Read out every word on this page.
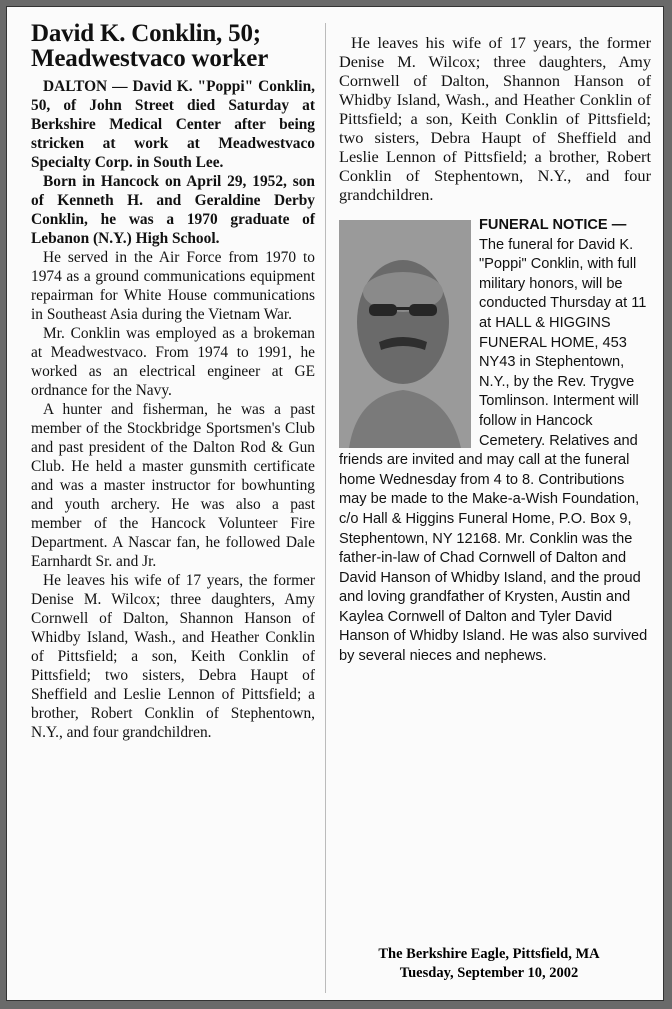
David K. Conklin, 50; Meadwestvaco worker

DALTON — David K. "Poppi" Conklin, 50, of John Street died Saturday at Berkshire Medical Center after being stricken at work at Meadwestvaco Specialty Corp. in South Lee.

Born in Hancock on April 29, 1952, son of Kenneth H. and Geraldine Derby Conklin, he was a 1970 graduate of Lebanon (N.Y.) High School.

He served in the Air Force from 1970 to 1974 as a ground communications equipment repairman for White House communications in Southeast Asia during the Vietnam War.

Mr. Conklin was employed as a brokeman at Meadwestvaco. From 1974 to 1991, he worked as an electrical engineer at GE ordnance for the Navy.

A hunter and fisherman, he was a past member of the Stockbridge Sportsmen's Club and past president of the Dalton Rod & Gun Club. He held a master gunsmith certificate and was a master instructor for bowhunting and youth archery. He was also a past member of the Hancock Volunteer Fire Department. A Nascar fan, he followed Dale Earnhardt Sr. and Jr.

He leaves his wife of 17 years, the former Denise M. Wilcox; three daughters, Amy Cornwell of Dalton, Shannon Hanson of Whidby Island, Wash., and Heather Conklin of Pittsfield; a son, Keith Conklin of Pittsfield; two sisters, Debra Haupt of Sheffield and Leslie Lennon of Pittsfield; a brother, Robert Conklin of Stephentown, N.Y., and four grandchildren.

He leaves his wife of 17 years, the former Denise M. Wilcox; three daughters, Amy Cornwell of Dalton, Shannon Hanson of Whidby Island, Wash., and Heather Conklin of Pittsfield; a son, Keith Conklin of Pittsfield; two sisters, Debra Haupt of Sheffield and Leslie Lennon of Pittsfield; a brother, Robert Conklin of Stephentown, N.Y., and four grandchildren.

FUNERAL NOTICE — The funeral for David K. "Poppi" Conklin, with full military honors, will be conducted Thursday at 11 at HALL & HIGGINS FUNERAL HOME, 453 NY43 in Stephentown, N.Y., by the Rev. Trygve Tomlinson. Interment will follow in Hancock Cemetery. Relatives and friends are invited and may call at the funeral home Wednesday from 4 to 8. Contributions may be made to the Make-a-Wish Foundation, c/o Hall & Higgins Funeral Home, P.O. Box 9, Stephentown, NY 12168. Mr. Conklin was the father-in-law of Chad Cornwell of Dalton and David Hanson of Whidby Island, and the proud and loving grandfather of Krysten, Austin and Kaylea Cornwell of Dalton and Tyler David Hanson of Whidby Island. He was also survived by several nieces and nephews.
The Berkshire Eagle, Pittsfield, MA
Tuesday, September 10, 2002
